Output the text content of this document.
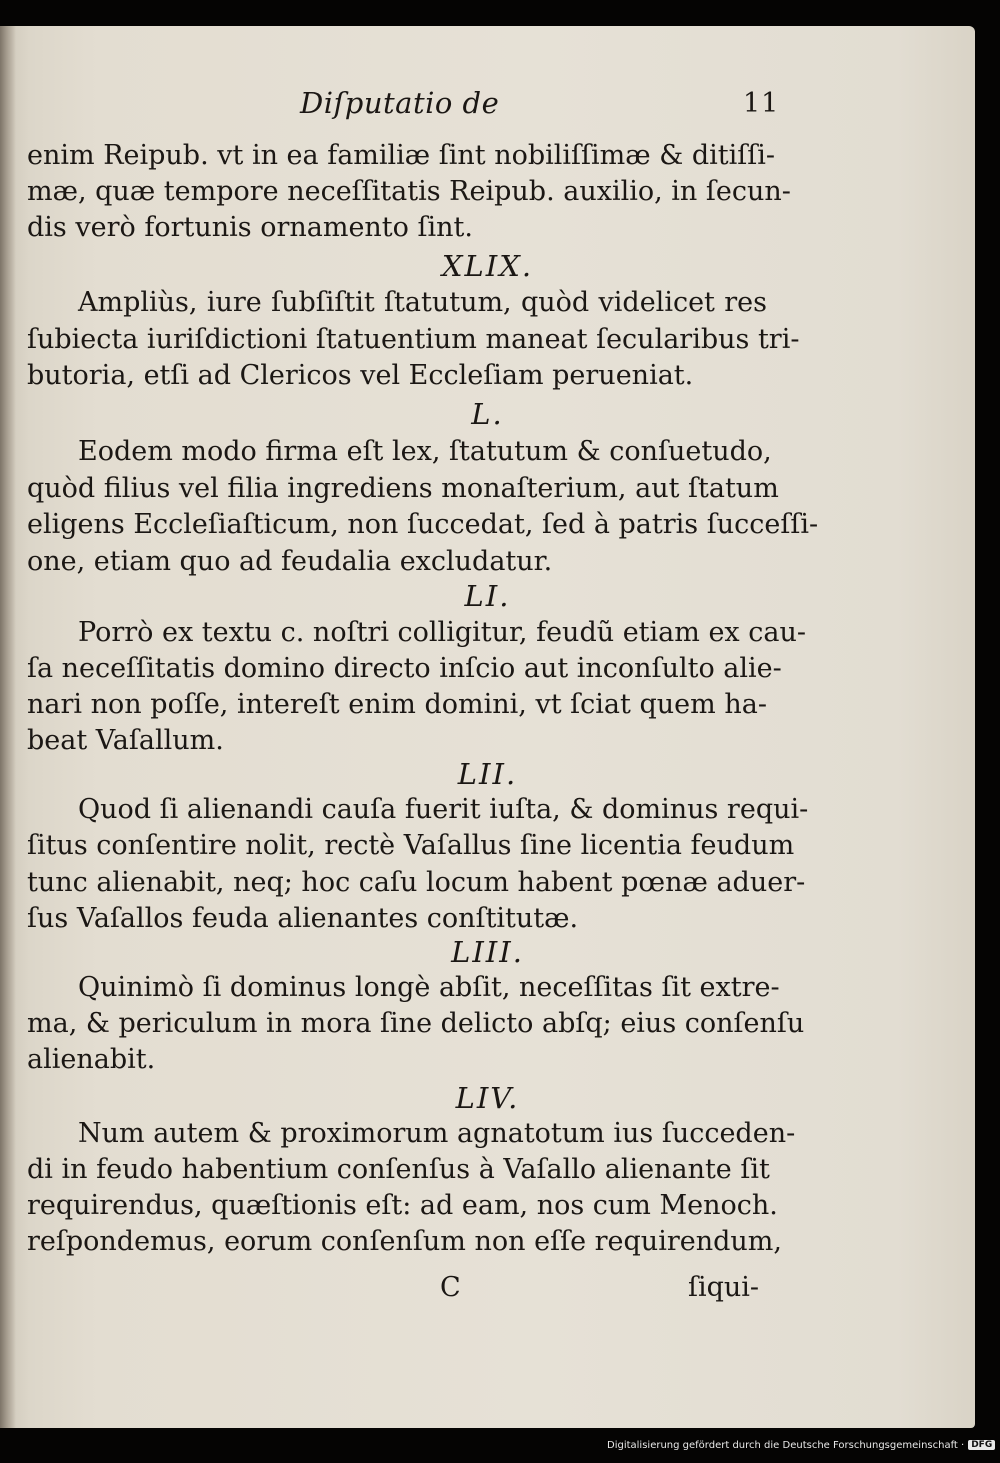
Diſputatio de	11
enim Reipub. vt in ea familiæ ſint nobiliſſimæ & ditiſſi-
mæ, quæ tempore neceſſitatis Reipub. auxilio, in ſecun-
dis verò fortunis ornamento ſint.
XLIX.
Ampliùs, iure ſubſiſtit ſtatutum, quòd videlicet res
ſubiecta iuriſdictioni ſtatuentium maneat ſecularibus tri-
butoria, etſi ad Clericos vel Eccleſiam perueniat.
L.
Eodem modo firma eſt lex, ſtatutum & conſuetudo,
quòd filius vel filia ingrediens monaſterium, aut ſtatum
eligens Eccleſiaſticum, non ſuccedat, ſed à patris ſucceſſi-
one, etiam quo ad feudalia excludatur.
LI.
Porrò ex textu c. noſtri colligitur, feudũ etiam ex cau-
ſa neceſſitatis domino directo inſcio aut inconſulto alie-
nari non poſſe, intereſt enim domini, vt ſciat quem ha-
beat Vaſallum.
LII.
Quod ſi alienandi cauſa fuerit iuſta, & dominus requi-
ſitus conſentire nolit, rectè Vaſallus ſine licentia feudum
tunc alienabit, neq; hoc caſu locum habent pœnæ aduer-
ſus Vaſallos feuda alienantes conſtitutæ.
LIII.
Quinimò ſi dominus longè abſit, neceſſitas ſit extre-
ma, & periculum in mora ſine delicto abſq; eius conſenſu
alienabit.
LIV.
Num autem & proximorum agnatotum ius ſucceden-
di in feudo habentium conſenſus à Vaſallo alienante ſit
requirendus, quæſtionis eſt: ad eam, nos cum Menoch.
reſpondemus, eorum conſenſum non eſſe requirendum,
C	ſiqui-
Digitalisierung gefördert durch die Deutsche Forschungsgemeinschaft · DFG
